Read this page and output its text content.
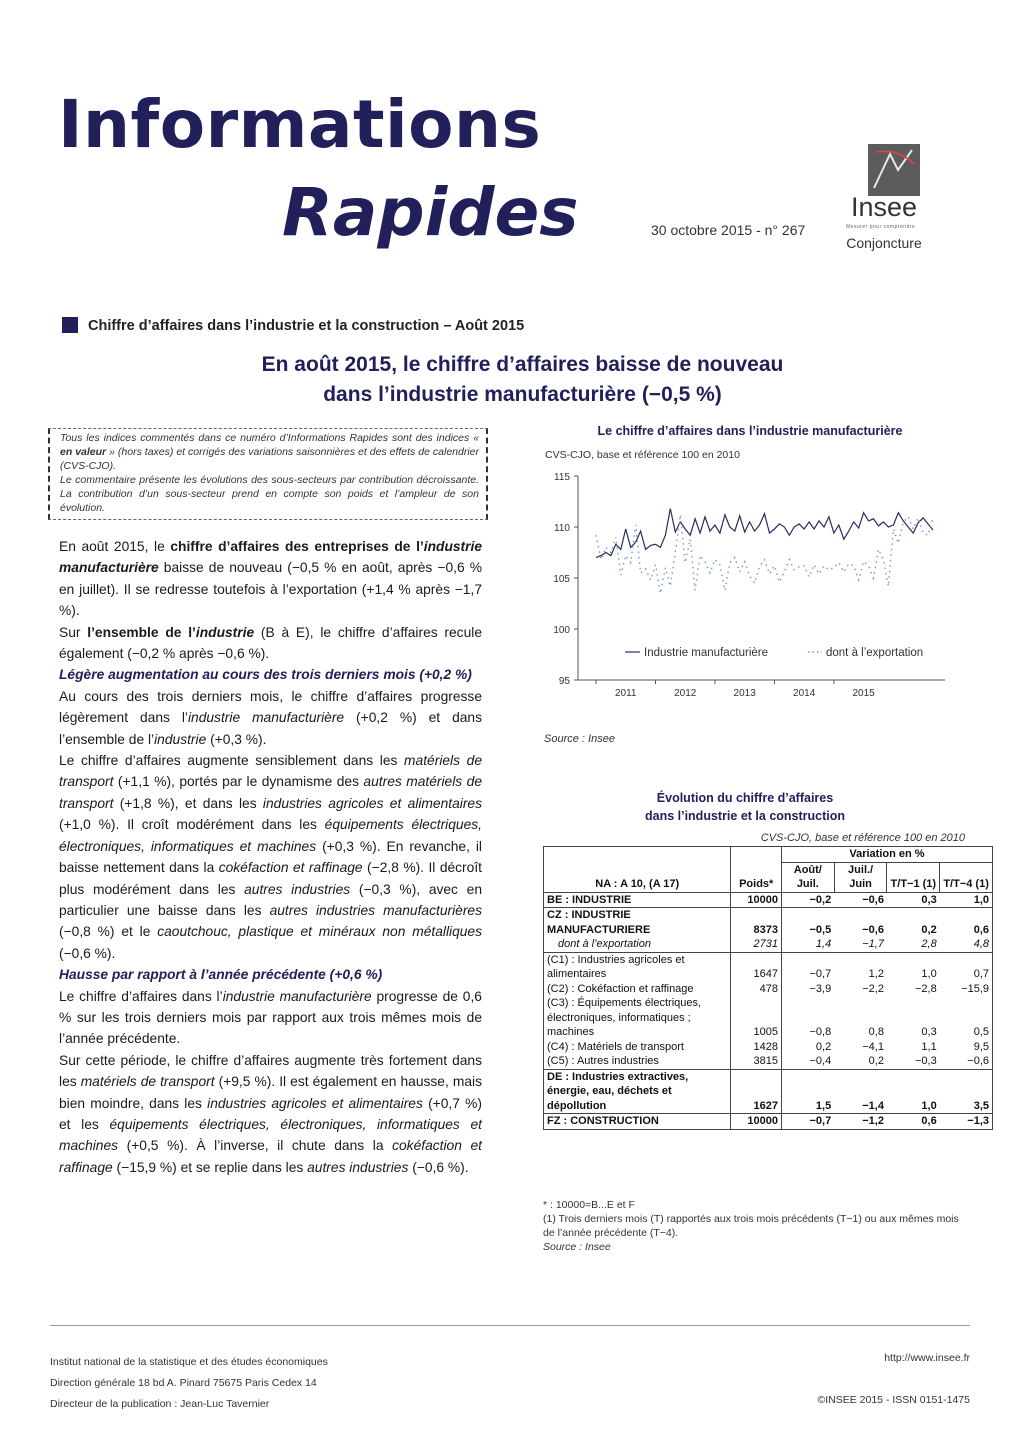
Informations
Rapides	30 octobre 2015 - n° 267
Insee
Mesurer pour comprendre
Conjoncture
Chiffre d’affaires dans l’industrie et la construction – Août 2015
En août 2015, le chiffre d’affaires baisse de nouveau
dans l’industrie manufacturière (−0,5 %)

Tous les indices commentés dans ce numéro d’Informations Rapides sont des indices « en valeur » (hors taxes) et corrigés des variations saisonnières et des effets de calendrier (CVS-CJO).

Le commentaire présente les évolutions des sous-secteurs par contribution décroissante. La contribution d’un sous-secteur prend en compte son poids et l’ampleur de son évolution.

En août 2015, le chiffre d’affaires des entreprises de l’industrie manufacturière baisse de nouveau (−0,5 % en août, après −0,6 % en juillet). Il se redresse toutefois à l’exportation (+1,4 % après −1,7 %).

Sur l’ensemble de l’industrie (B à E), le chiffre d’affaires recule également (−0,2 % après −0,6 %).

Légère augmentation au cours des trois derniers mois (+0,2 %)

Au cours des trois derniers mois, le chiffre d’affaires progresse légèrement dans l’industrie manufacturière (+0,2 %) et dans l’ensemble de l’industrie (+0,3 %).

Le chiffre d’affaires augmente sensiblement dans les matériels de transport (+1,1 %), portés par le dynamisme des autres matériels de transport (+1,8 %), et dans les industries agricoles et alimentaires (+1,0 %). Il croît modérément dans les équipements électriques, électroniques, informatiques et machines (+0,3 %). En revanche, il baisse nettement dans la cokéfaction et raffinage (−2,8 %). Il décroît plus modérément dans les autres industries (−0,3 %), avec en particulier une baisse dans les autres industries manufacturières (−0,8 %) et le caoutchouc, plastique et minéraux non métalliques (−0,6 %).

Hausse par rapport à l’année précédente (+0,6 %)

Le chiffre d’affaires dans l’industrie manufacturière progresse de 0,6 % sur les trois derniers mois par rapport aux trois mêmes mois de l’année précédente.

Sur cette période, le chiffre d’affaires augmente très fortement dans les matériels de transport (+9,5 %). Il est également en hausse, mais bien moindre, dans les industries agricoles et alimentaires (+0,7 %) et les équipements électriques, électroniques, informatiques et machines (+0,5 %). À l’inverse, il chute dans la cokéfaction et raffinage (−15,9 %) et se replie dans les autres industries (−0,6 %).

Le chiffre d’affaires dans l’industrie manufacturière
CVS-CJO, base et référence 100 en 2010
95
100
105
110
115
2011	2012	2013	2014	2015
Industrie manufacturière	dont à l’exportation
Source : Insee
Évolution du chiffre d’affaires
dans l’industrie et la construction
CVS-CJO, base et référence 100 en 2010
NA : A 10, (A 17)	Poids*	Variation en %			
		Août/ Juil.	Juil./ Juin	T/T−1 (1)	T/T−4 (1)
BE : INDUSTRIE	10000	−0,2	−0,6	0,3	1,0
CZ : INDUSTRIE MANUFACTURIERE	8373	−0,5	−0,6	0,2	0,6
dont à l’exportation	2731	1,4	−1,7	2,8	4,8
(C1) : Industries agricoles et alimentaires	1647	−0,7	1,2	1,0	0,7
(C2) : Cokéfaction et raffinage	478	−3,9	−2,2	−2,8	−15,9
(C3) : Équipements électriques, électroniques, informatiques ; machines	1005	−0,8	0,8	0,3	0,5
(C4) : Matériels de transport	1428	0,2	−4,1	1,1	9,5
(C5) : Autres industries	3815	−0,4	0,2	−0,3	−0,6
DE : Industries extractives, énergie, eau, déchets et dépollution	1627	1,5	−1,4	1,0	3,5
FZ : CONSTRUCTION	10000	−0,7	−1,2	0,6	−1,3

* : 10000=B...E et F

(1) Trois derniers mois (T) rapportés aux trois mois précédents (T−1) ou aux mêmes mois de l’année précédente (T−4).

Source : Insee

Institut national de la statistique et des études économiques

Direction générale 18 bd A. Pinard 75675 Paris Cedex 14

Directeur de la publication : Jean-Luc Tavernier

http://www.insee.fr
©INSEE 2015 - ISSN 0151-1475
